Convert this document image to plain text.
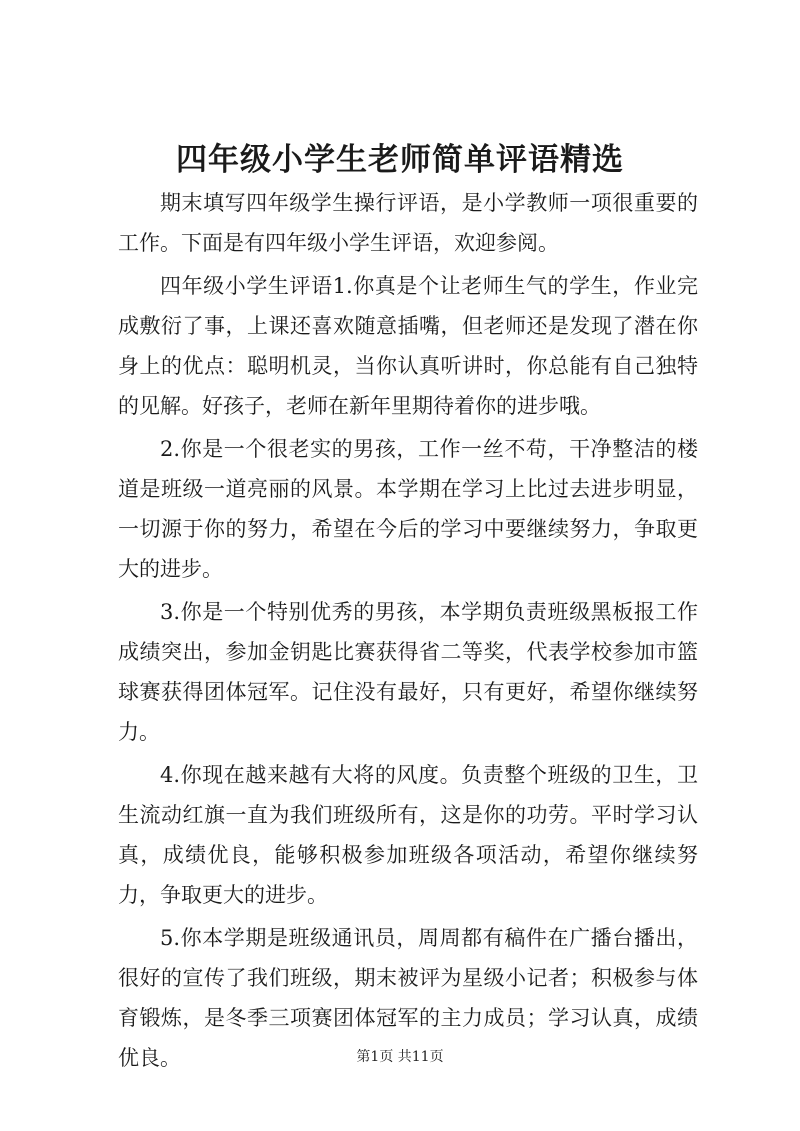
四年级小学生老师简单评语精选

期末填写四年级学生操行评语，是小学教师一项很重要的工作。下面是有四年级小学生评语，欢迎参阅。

四年级小学生评语1.你真是个让老师生气的学生，作业完成敷衍了事，上课还喜欢随意插嘴，但老师还是发现了潜在你身上的优点：聪明机灵，当你认真听讲时，你总能有自己独特的见解。好孩子，老师在新年里期待着你的进步哦。

2.你是一个很老实的男孩，工作一丝不苟，干净整洁的楼道是班级一道亮丽的风景。本学期在学习上比过去进步明显，一切源于你的努力，希望在今后的学习中要继续努力，争取更大的进步。

3.你是一个特别优秀的男孩，本学期负责班级黑板报工作成绩突出，参加金钥匙比赛获得省二等奖，代表学校参加市篮球赛获得团体冠军。记住没有最好，只有更好，希望你继续努力。

4.你现在越来越有大将的风度。负责整个班级的卫生，卫生流动红旗一直为我们班级所有，这是你的功劳。平时学习认真，成绩优良，能够积极参加班级各项活动，希望你继续努力，争取更大的进步。

5.你本学期是班级通讯员，周周都有稿件在广播台播出，很好的宣传了我们班级，期末被评为星级小记者；积极参与体育锻炼，是冬季三项赛团体冠军的主力成员；学习认真，成绩优良。	第1页 共11页
